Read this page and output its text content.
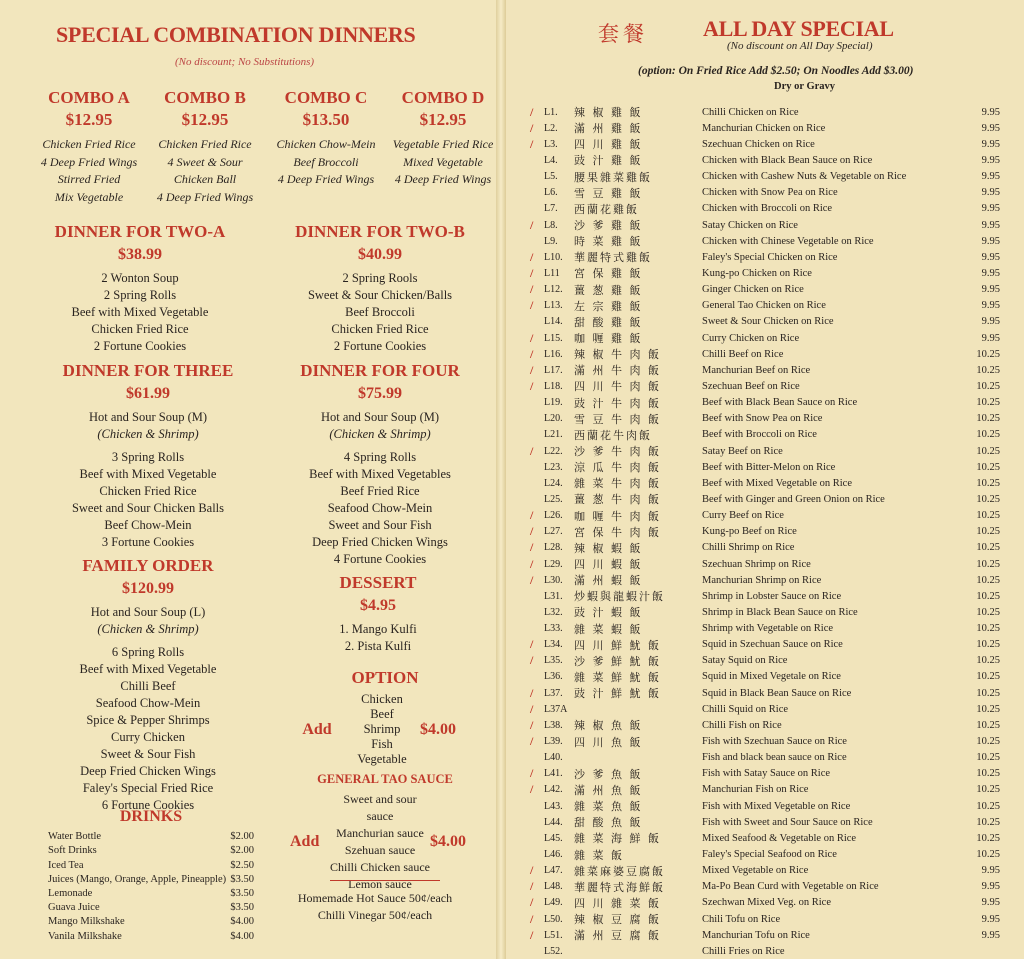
SPECIAL COMBINATION DINNERS
(No discount; No Substitutions)
COMBO A
$12.95
Chicken Fried Rice
4 Deep Fried Wings
Stirred Fried
Mix Vegetable
COMBO B
$12.95
Chicken Fried Rice
4 Sweet & Sour
Chicken Ball
4 Deep Fried Wings
COMBO C
$13.50
Chicken Chow-Mein
Beef Broccoli
4 Deep Fried Wings
COMBO D
$12.95
Vegetable Fried Rice
Mixed Vegetable
4 Deep Fried Wings
DINNER FOR TWO-A
$38.99
2 Wonton Soup
2 Spring Rolls
Beef with Mixed Vegetable
Chicken Fried Rice
2 Fortune Cookies
DINNER FOR TWO-B
$40.99
2 Spring Rools
Sweet & Sour Chicken/Balls
Beef Broccoli
Chicken Fried Rice
2 Fortune Cookies
DINNER FOR THREE
$61.99
Hot and Sour Soup (M)
(Chicken & Shrimp)
3 Spring Rolls
Beef with Mixed Vegetable
Chicken Fried Rice
Sweet and Sour Chicken Balls
Beef Chow-Mein
3 Fortune Cookies
DINNER FOR FOUR
$75.99
Hot and Sour Soup (M)
(Chicken & Shrimp)
4 Spring Rolls
Beef with Mixed Vegetables
Beef Fried Rice
Seafood Chow-Mein
Sweet and Sour Fish
Deep Fried Chicken Wings
4 Fortune Cookies
FAMILY ORDER
$120.99
Hot and Sour Soup (L)
(Chicken & Shrimp)
6 Spring Rolls
Beef with Mixed Vegetable
Chilli Beef
Seafood Chow-Mein
Spice & Pepper Shrimps
Curry Chicken
Sweet & Sour Fish
Deep Fried Chicken Wings
Faley's Special Fried Rice
6 Fortune Cookies
DESSERT
$4.95
1. Mango Kulfi
2. Pista Kulfi
DRINKS
Water Bottle	$2.00
Soft Drinks	$2.00
Iced Tea	$2.50
Juices (Mango, Orange, Apple, Pineapple) $3.50
Lemonade	$3.50
Guava Juice	$3.50
Mango Milkshake	$4.00
Vanila Milkshake	$4.00
OPTION
Add
Chicken
Beef
Shrimp
Fish
Vegetable
$4.00
GENERAL TAO SAUCE
Add
Sweet and sour sauce
Manchurian sauce
Szehuan sauce
Chilli Chicken sauce
Lemon sauce
$4.00
Homemade Hot Sauce 50¢/each
Chilli Vinegar 50¢/each
套餐	ALL DAY SPECIAL
(No discount on All Day Special)
(option: On Fried Rice Add $2.50; On Noodles Add $3.00)
Dry or Gravy
/	L1.	辣 椒 雞 飯	Chilli Chicken on Rice	9.95
/	L2.	滿 州 雞 飯	Manchurian Chicken on Rice	9.95
/	L3.	四 川 雞 飯	Szechuan Chicken on Rice	9.95
L4.	豉 汁 雞 飯	Chicken with Black Bean Sauce on Rice	9.95
L5.	腰果雜菜雞飯	Chicken with Cashew Nuts & Vegetable on Rice	9.95
L6.	雪 豆 雞 飯	Chicken with Snow Pea on Rice	9.95
L7.	西蘭花雞飯	Chicken with Broccoli on Rice	9.95
/	L8.	沙 爹 雞 飯	Satay Chicken on Rice	9.95
L9.	時 菜 雞 飯	Chicken with Chinese Vegetable on Rice	9.95
/	L10.	華麗特式雞飯	Faley's Special Chicken on Rice	9.95
/	L11	宮 保 雞 飯	Kung-po Chicken on Rice	9.95
/	L12.	薑 葱 雞 飯	Ginger Chicken on Rice	9.95
/	L13.	左 宗 雞 飯	General Tao Chicken on Rice	9.95
L14.	甜 酸 雞 飯	Sweet & Sour Chicken on Rice	9.95
/	L15.	咖 喱 雞 飯	Curry Chicken on Rice	9.95
/	L16.	辣 椒 牛 肉 飯	Chilli Beef on Rice	10.25
/	L17.	滿 州 牛 肉 飯	Manchurian Beef on Rice	10.25
/	L18.	四 川 牛 肉 飯	Szechuan Beef on Rice	10.25
L19.	豉 汁 牛 肉 飯	Beef with Black Bean Sauce on Rice	10.25
L20.	雪 豆 牛 肉 飯	Beef with Snow Pea on Rice	10.25
L21.	西蘭花牛肉飯	Beef with Broccoli on Rice	10.25
/	L22.	沙 爹 牛 肉 飯	Satay Beef on Rice	10.25
L23.	涼 瓜 牛 肉 飯	Beef with Bitter-Melon on Rice	10.25
L24.	雜 菜 牛 肉 飯	Beef with Mixed Vegetable on Rice	10.25
L25.	薑 葱 牛 肉 飯	Beef with Ginger and Green Onion on Rice	10.25
/	L26.	咖 喱 牛 肉 飯	Curry Beef on Rice	10.25
/	L27.	宮 保 牛 肉 飯	Kung-po Beef on Rice	10.25
/	L28.	辣 椒 蝦 飯	Chilli Shrimp on Rice	10.25
/	L29.	四 川 蝦 飯	Szechuan Shrimp on Rice	10.25
/	L30.	滿 州 蝦 飯	Manchurian Shrimp on Rice	10.25
L31.	炒蝦與龍蝦汁飯	Shrimp in Lobster Sauce on Rice	10.25
L32.	豉 汁 蝦 飯	Shrimp in Black Bean Sauce on Rice	10.25
L33.	雜 菜 蝦 飯	Shrimp with Vegetable on Rice	10.25
/	L34.	四 川 鮮 魷 飯	Squid in Szechuan Sauce on Rice	10.25
/	L35.	沙 爹 鮮 魷 飯	Satay Squid on Rice	10.25
L36.	雜 菜 鮮 魷 飯	Squid in Mixed Vegetale on Rice	10.25
/	L37.	豉 汁 鮮 魷 飯	Squid in Black Bean Sauce on Rice	10.25
/	L37A	Chilli Squid on Rice	10.25
/	L38.	辣 椒 魚 飯	Chilli Fish on Rice	10.25
/	L39.	四 川 魚 飯	Fish with Szechuan Sauce on Rice	10.25
L40.	Fish and black bean sauce on Rice	10.25
/	L41.	沙 爹 魚 飯	Fish with Satay Sauce on Rice	10.25
/	L42.	滿 州 魚 飯	Manchurian Fish on Rice	10.25
L43.	雜 菜 魚 飯	Fish with Mixed Vegetable on Rice	10.25
L44.	甜 酸 魚 飯	Fish with Sweet and Sour Sauce on Rice	10.25
L45.	雜 菜 海 鮮 飯	Mixed Seafood & Vegetable on Rice	10.25
L46.	雜 菜 飯	Faley's Special Seafood on Rice	10.25
/	L47.	雜菜麻婆豆腐飯	Mixed Vegetable on Rice	9.95
/	L48.	華麗特式海鮮飯	Ma-Po Bean Curd with Vegetable on Rice	9.95
/	L49.	四 川 雜 菜 飯	Szechwan Mixed Veg. on Rice	9.95
/	L50.	辣 椒 豆 腐 飯	Chili Tofu on Rice	9.95
/	L51.	滿 州 豆 腐 飯	Manchurian Tofu on Rice	9.95
L52.	Chilli Fries on Rice
